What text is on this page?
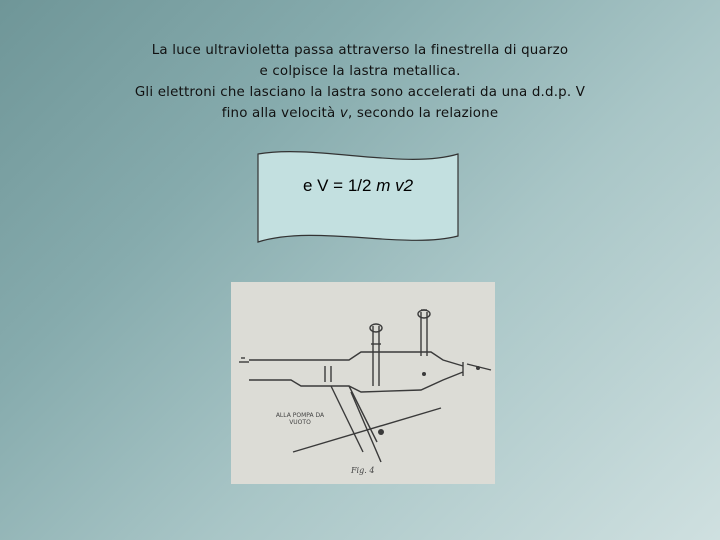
La luce ultravioletta passa attraverso la finestrella di quarzo
e colpisce la lastra metallica.
Gli elettroni che lasciano la lastra sono accelerati da una d.d.p. V
fino alla velocità v, secondo la relazione
e V = 1/2 m v2
ALLA POMPA DA VUOTO
Fig. 4
